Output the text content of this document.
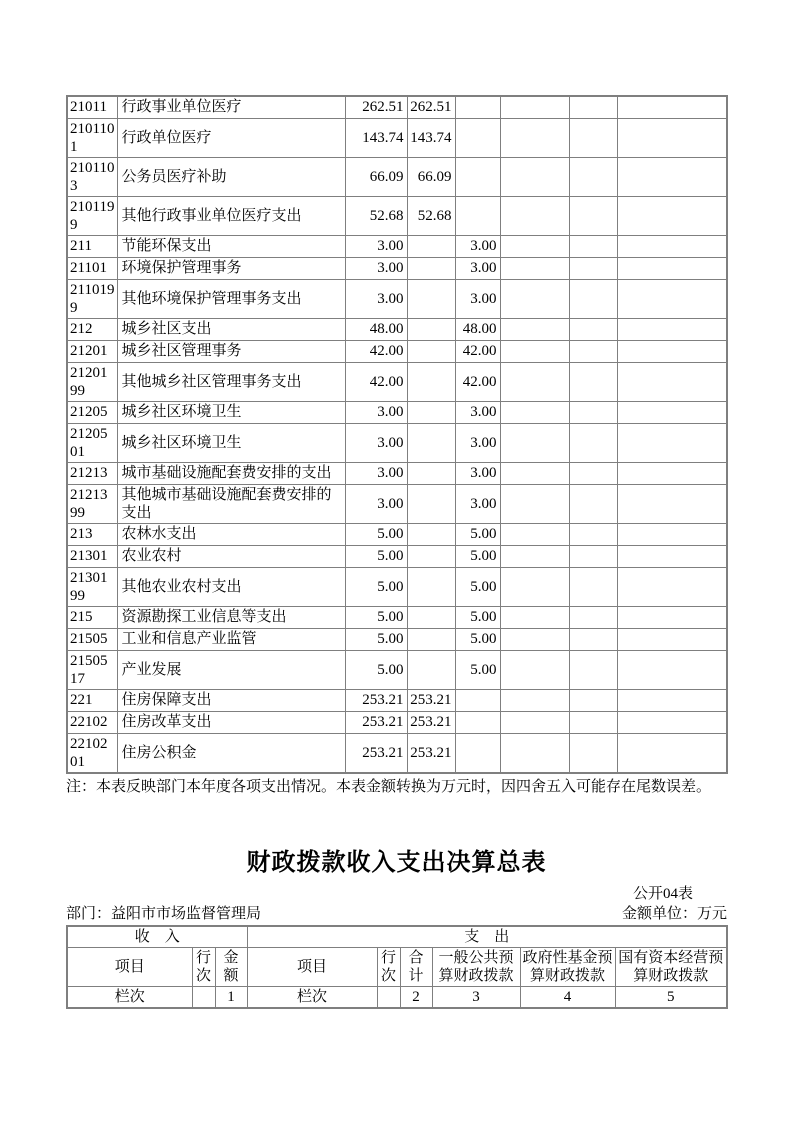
21011	行政事业单位医疗	262.51	262.51				
2101101	行政单位医疗	143.74	143.74				
2101103	公务员医疗补助	66.09	66.09				
2101199	其他行政事业单位医疗支出	52.68	52.68				
211	节能环保支出	3.00		3.00			
21101	环境保护管理事务	3.00		3.00			
2110199	其他环境保护管理事务支出	3.00		3.00			
212	城乡社区支出	48.00		48.00			
21201	城乡社区管理事务	42.00		42.00			
2120199	其他城乡社区管理事务支出	42.00		42.00			
21205	城乡社区环境卫生	3.00		3.00			
2120501	城乡社区环境卫生	3.00		3.00			
21213	城市基础设施配套费安排的支出	3.00		3.00			
2121399	其他城市基础设施配套费安排的支出	3.00		3.00			
213	农林水支出	5.00		5.00			
21301	农业农村	5.00		5.00			
2130199	其他农业农村支出	5.00		5.00			
215	资源勘探工业信息等支出	5.00		5.00			
21505	工业和信息产业监管	5.00		5.00			
2150517	产业发展	5.00		5.00			
221	住房保障支出	253.21	253.21				
22102	住房改革支出	253.21	253.21				
2210201	住房公积金	253.21	253.21				
注：本表反映部门本年度各项支出情况。本表金额转换为万元时，因四舍五入可能存在尾数误差。
财政拨款收入支出决算总表
公开04表
部门：益阳市市场监督管理局	金额单位：万元
收　入			支　出					
项目	行次	金额	项目	行次	合计	一般公共预算财政拨款	政府性基金预算财政拨款	国有资本经营预算财政拨款
栏次		1	栏次		2	3	4	5
